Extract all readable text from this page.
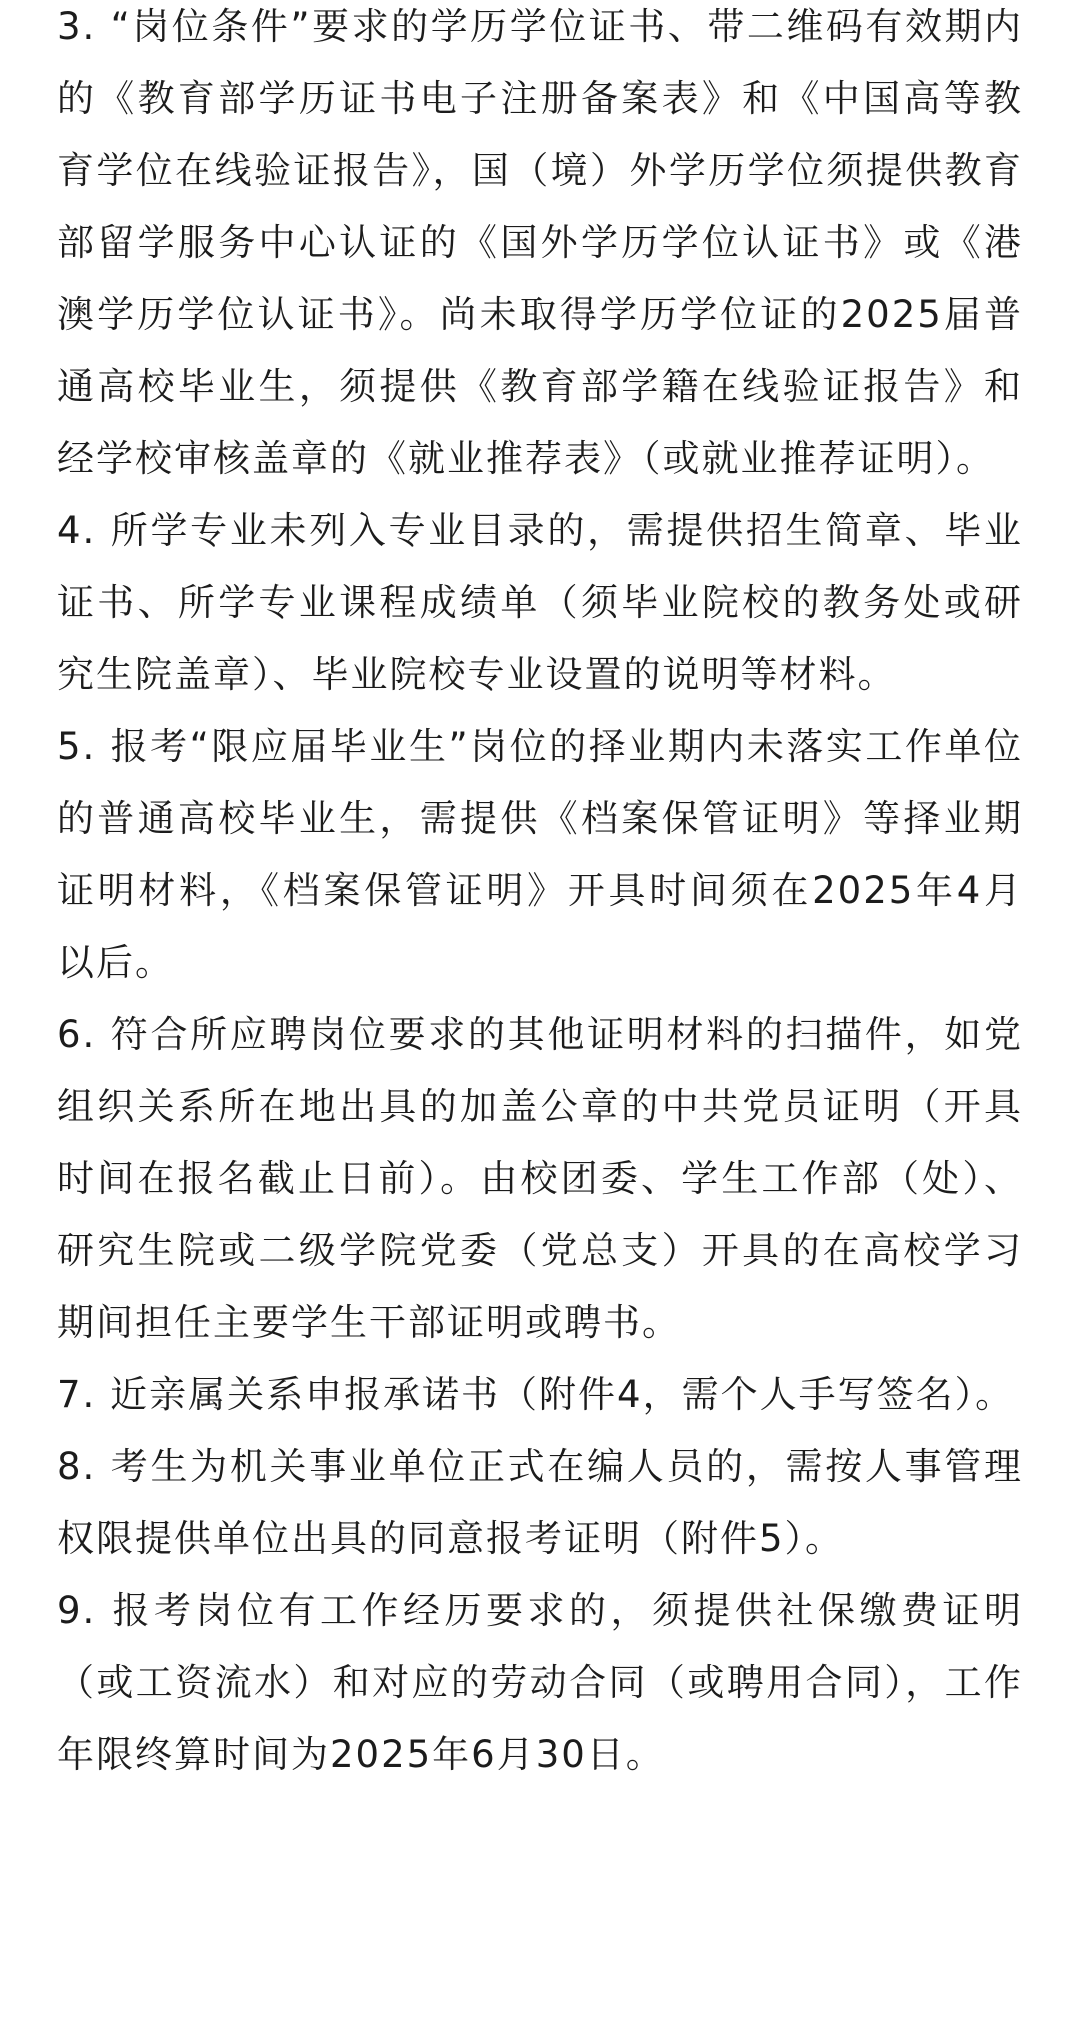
3. “岗位条件”要求的学历学位证书、带二维码有效期内的《教育部学历证书电子注册备案表》和《中国高等教育学位在线验证报告》，国（境）外学历学位须提供教育部留学服务中心认证的《国外学历学位认证书》或《港澳学历学位认证书》。尚未取得学历学位证的2025届普通高校毕业生，须提供《教育部学籍在线验证报告》和经学校审核盖章的《就业推荐表》（或就业推荐证明）。

4. 所学专业未列入专业目录的，需提供招生简章、毕业证书、所学专业课程成绩单（须毕业院校的教务处或研究生院盖章）、毕业院校专业设置的说明等材料。

5. 报考“限应届毕业生”岗位的择业期内未落实工作单位的普通高校毕业生，需提供《档案保管证明》等择业期证明材料，《档案保管证明》开具时间须在2025年4月以后。

6. 符合所应聘岗位要求的其他证明材料的扫描件，如党组织关系所在地出具的加盖公章的中共党员证明（开具时间在报名截止日前）。由校团委、学生工作部（处）、研究生院或二级学院党委（党总支）开具的在高校学习期间担任主要学生干部证明或聘书。

7. 近亲属关系申报承诺书（附件4，需个人手写签名）。

8. 考生为机关事业单位正式在编人员的，需按人事管理权限提供单位出具的同意报考证明（附件5）。

9. 报考岗位有工作经历要求的，须提供社保缴费证明（或工资流水）和对应的劳动合同（或聘用合同），工作年限终算时间为2025年6月30日。
